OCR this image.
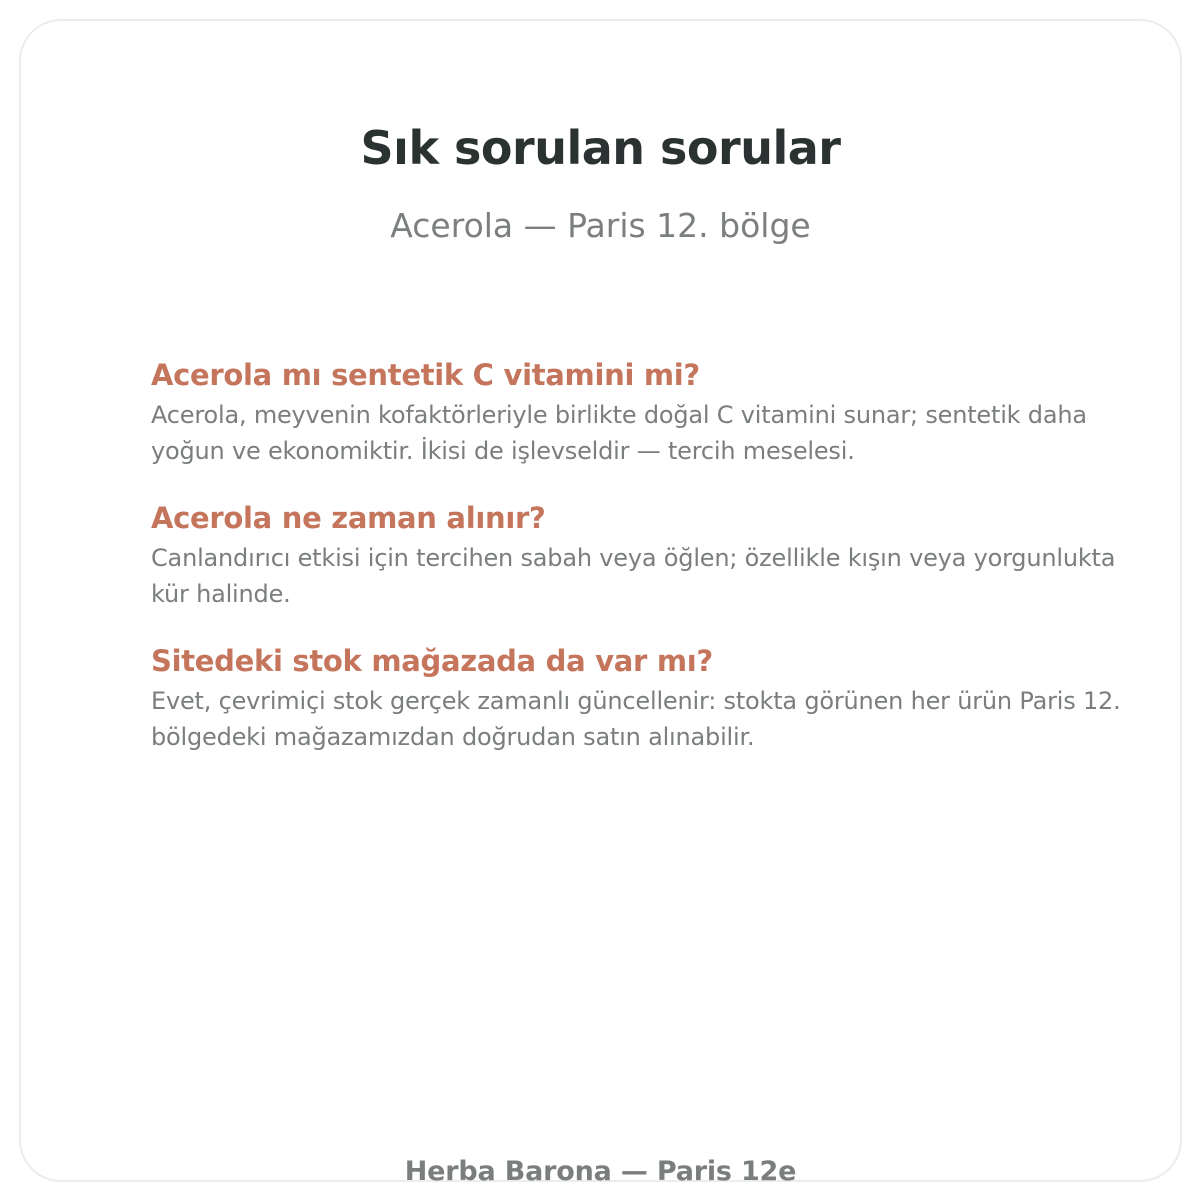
Sık sorulan sorular
Acerola — Paris 12. bölge
Acerola mı sentetik C vitamini mi?

Acerola, meyvenin kofaktörleriyle birlikte doğal C vitamini sunar; sentetik daha yoğun ve ekonomiktir. İkisi de işlevseldir — tercih meselesi.

Acerola ne zaman alınır?

Canlandırıcı etkisi için tercihen sabah veya öğlen; özellikle kışın veya yorgunlukta kür halinde.

Sitedeki stok mağazada da var mı?

Evet, çevrimiçi stok gerçek zamanlı güncellenir: stokta görünen her ürün Paris 12. bölgedeki mağazamızdan doğrudan satın alınabilir.

Herba Barona — Paris 12e
